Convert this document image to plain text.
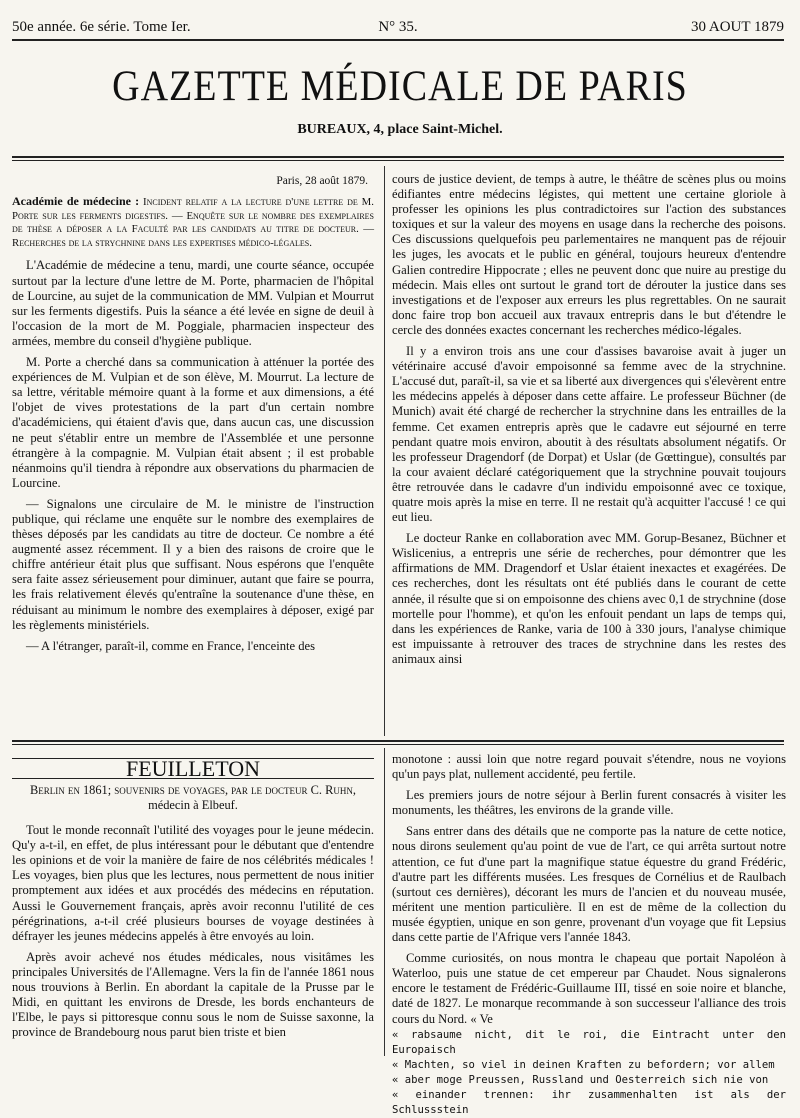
50e année. 6e série. Tome Ier.	N° 35.	30 AOUT 1879
GAZETTE MÉDICALE DE PARIS
BUREAUX, 4, place Saint-Michel.
Paris, 28 août 1879.
Académie de médecine : Incident relatif a la lecture d'une lettre de M. Porte sur les ferments digestifs. — Enquête sur le nombre des exemplaires de thèse a déposer a la Faculté par les candidats au titre de docteur. — Recherches de la strychnine dans les expertises médico-légales.

L'Académie de médecine a tenu, mardi, une courte séance, occupée surtout par la lecture d'une lettre de M. Porte, pharmacien de l'hôpital de Lourcine, au sujet de la communication de MM. Vulpian et Mourrut sur les ferments digestifs. Puis la séance a été levée en signe de deuil à l'occasion de la mort de M. Poggiale, pharmacien inspecteur des armées, membre du conseil d'hygiène publique.

M. Porte a cherché dans sa communication à atténuer la portée des expériences de M. Vulpian et de son élève, M. Mourrut. La lecture de sa lettre, véritable mémoire quant à la forme et aux dimensions, a été l'objet de vives protestations de la part d'un certain nombre d'académiciens, qui étaient d'avis que, dans aucun cas, une discussion ne peut s'établir entre un membre de l'Assemblée et une personne étrangère à la compagnie. M. Vulpian était absent ; il est probable néanmoins qu'il tiendra à répondre aux observations du pharmacien de Lourcine.

— Signalons une circulaire de M. le ministre de l'instruction publique, qui réclame une enquête sur le nombre des exemplaires de thèses déposés par les candidats au titre de docteur. Ce nombre a été augmenté assez récemment. Il y a bien des raisons de croire que le chiffre antérieur était plus que suffisant. Nous espérons que l'enquête sera faite assez sérieusement pour diminuer, autant que faire se pourra, les frais relativement élevés qu'entraîne la soutenance d'une thèse, en réduisant au minimum le nombre des exemplaires à déposer, exigé par les règlements ministériels.

— A l'étranger, paraît-il, comme en France, l'enceinte des

cours de justice devient, de temps à autre, le théâtre de scènes plus ou moins édifiantes entre médecins légistes, qui mettent une certaine gloriole à professer les opinions les plus contradictoires sur l'action des substances toxiques et sur la valeur des moyens en usage dans la recherche des poisons. Ces discussions quelquefois peu parlementaires ne manquent pas de réjouir les juges, les avocats et le public en général, toujours heureux d'entendre Galien contredire Hippocrate ; elles ne peuvent donc que nuire au prestige du médecin. Mais elles ont surtout le grand tort de dérouter la justice dans ses investigations et de l'exposer aux erreurs les plus regrettables. On ne saurait donc faire trop bon accueil aux travaux entrepris dans le but d'étendre le cercle des données exactes concernant les recherches médico-légales.

Il y a environ trois ans une cour d'assises bavaroise avait à juger un vétérinaire accusé d'avoir empoisonné sa femme avec de la strychnine. L'accusé dut, paraît-il, sa vie et sa liberté aux divergences qui s'élevèrent entre les médecins appelés à déposer dans cette affaire. Le professeur Büchner (de Munich) avait été chargé de rechercher la strychnine dans les entrailles de la femme. Cet examen entrepris après que le cadavre eut séjourné en terre pendant quatre mois environ, aboutit à des résultats absolument négatifs. Or les professeur Dragendorf (de Dorpat) et Uslar (de Gœttingue), consultés par la cour avaient déclaré catégoriquement que la strychnine pouvait toujours être retrouvée dans le cadavre d'un individu empoisonné avec ce toxique, quatre mois après la mise en terre. Il ne restait qu'à acquitter l'accusé ! ce qui eut lieu.

Le docteur Ranke en collaboration avec MM. Gorup-Besanez, Büchner et Wislicenius, a entrepris une série de recherches, pour démontrer que les affirmations de MM. Dragendorf et Uslar étaient inexactes et exagérées. De ces recherches, dont les résultats ont été publiés dans le courant de cette année, il résulte que si on empoisonne des chiens avec 0,1 de strychnine (dose mortelle pour l'homme), et qu'on les enfouit pendant un laps de temps qui, dans les expériences de Ranke, varia de 100 à 330 jours, l'analyse chimique est impuissante à retrouver des traces de strychnine dans les restes des animaux ainsi

FEUILLETON
Berlin en 1861; souvenirs de voyages, par le docteur C. Ruhn, médecin à Elbeuf.

Tout le monde reconnaît l'utilité des voyages pour le jeune médecin. Qu'y a-t-il, en effet, de plus intéressant pour le débutant que d'entendre les opinions et de voir la manière de faire de nos célébrités médicales ! Les voyages, bien plus que les lectures, nous permettent de nous initier promptement aux idées et aux procédés des médecins en réputation. Aussi le Gouvernement français, après avoir reconnu l'utilité de ces pérégrinations, a-t-il créé plusieurs bourses de voyage destinées à défrayer les jeunes médecins appelés à être envoyés au loin.

Après avoir achevé nos études médicales, nous visitâmes les principales Universités de l'Allemagne. Vers la fin de l'année 1861 nous nous trouvions à Berlin. En abordant la capitale de la Prusse par le Midi, en quittant les environs de Dresde, les bords enchanteurs de l'Elbe, le pays si pittoresque connu sous le nom de Suisse saxonne, la province de Brandebourg nous parut bien triste et bien

monotone : aussi loin que notre regard pouvait s'étendre, nous ne voyions qu'un pays plat, nullement accidenté, peu fertile.

Les premiers jours de notre séjour à Berlin furent consacrés à visiter les monuments, les théâtres, les environs de la grande ville.

Sans entrer dans des détails que ne comporte pas la nature de cette notice, nous dirons seulement qu'au point de vue de l'art, ce qui arrêta surtout notre attention, ce fut d'une part la magnifique statue équestre du grand Frédéric, d'autre part les différents musées. Les fresques de Cornélius et de Raulbach (surtout ces dernières), décorant les murs de l'ancien et du nouveau musée, méritent une mention particulière. Il en est de même de la collection du musée égyptien, unique en son genre, provenant d'un voyage que fit Lepsius dans cette partie de l'Afrique vers l'année 1843.

Comme curiosités, on nous montra le chapeau que portait Napoléon à Waterloo, puis une statue de cet empereur par Chaudet. Nous signalerons encore le testament de Frédéric-Guillaume III, tissé en soie noire et blanche, daté de 1827. Le monarque recommande à son successeur l'alliance des trois cours du Nord. « Ve

« rabsaume nicht, dit le roi, die Eintracht unter den Europaisch
« Machten, so viel in deinen Kraften zu befordern; vor allem
« aber moge Preussen, Russland und Oesterreich sich nie von
« einander trennen: ihr zusammenhalten ist als der Schlussstein
